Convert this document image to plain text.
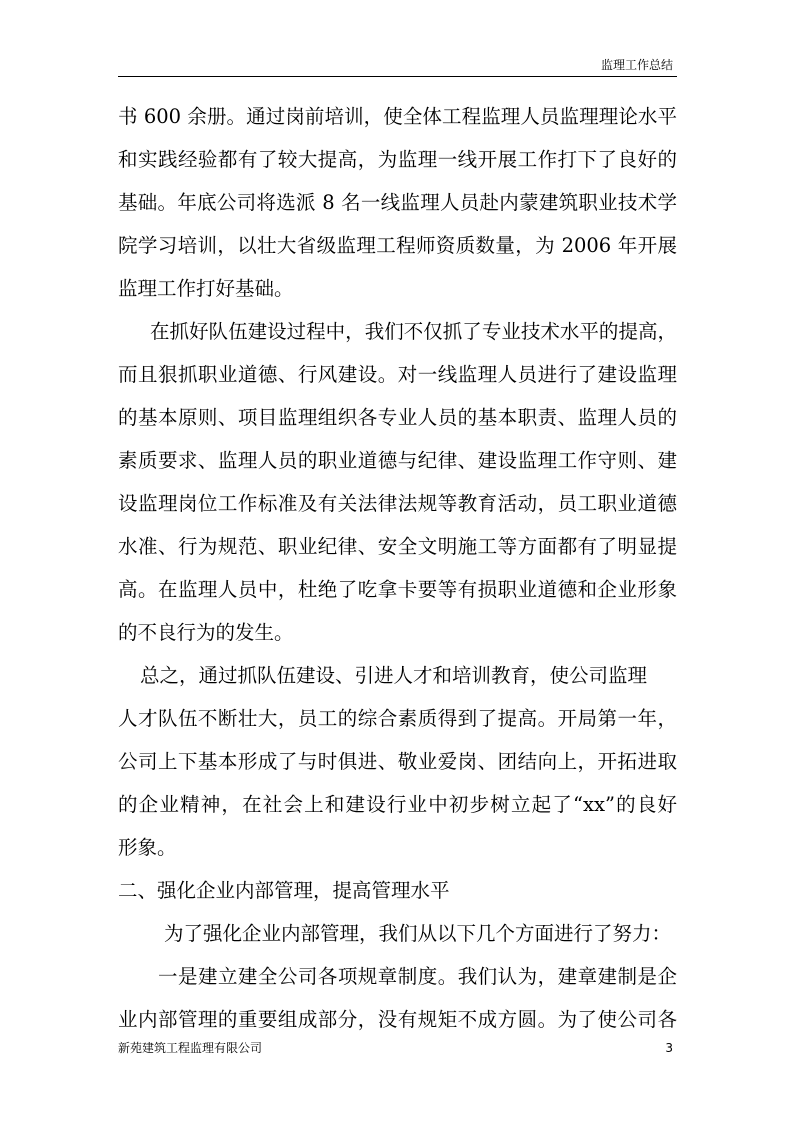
监理工作总结
书 600 余册。通过岗前培训，使全体工程监理人员监理理论水平
和实践经验都有了较大提高，为监理一线开展工作打下了良好的
基础。年底公司将选派 8 名一线监理人员赴内蒙建筑职业技术学
院学习培训，以壮大省级监理工程师资质数量，为 2006 年开展
监理工作打好基础。
在抓好队伍建设过程中，我们不仅抓了专业技术水平的提高，
而且狠抓职业道德、行风建设。对一线监理人员进行了建设监理
的基本原则、项目监理组织各专业人员的基本职责、监理人员的
素质要求、监理人员的职业道德与纪律、建设监理工作守则、建
设监理岗位工作标准及有关法律法规等教育活动，员工职业道德
水准、行为规范、职业纪律、安全文明施工等方面都有了明显提
高。在监理人员中，杜绝了吃拿卡要等有损职业道德和企业形象
的不良行为的发生。
总之，通过抓队伍建设、引进人才和培训教育，使公司监理
人才队伍不断壮大，员工的综合素质得到了提高。开局第一年，
公司上下基本形成了与时俱进、敬业爱岗、团结向上，开拓进取
的企业精神，在社会上和建设行业中初步树立起了“xx”的良好
形象。
二、强化企业内部管理，提高管理水平
为了强化企业内部管理，我们从以下几个方面进行了努力：
一是建立建全公司各项规章制度。我们认为，建章建制是企
业内部管理的重要组成部分，没有规矩不成方圆。为了使公司各
新苑建筑工程监理有限公司	3
